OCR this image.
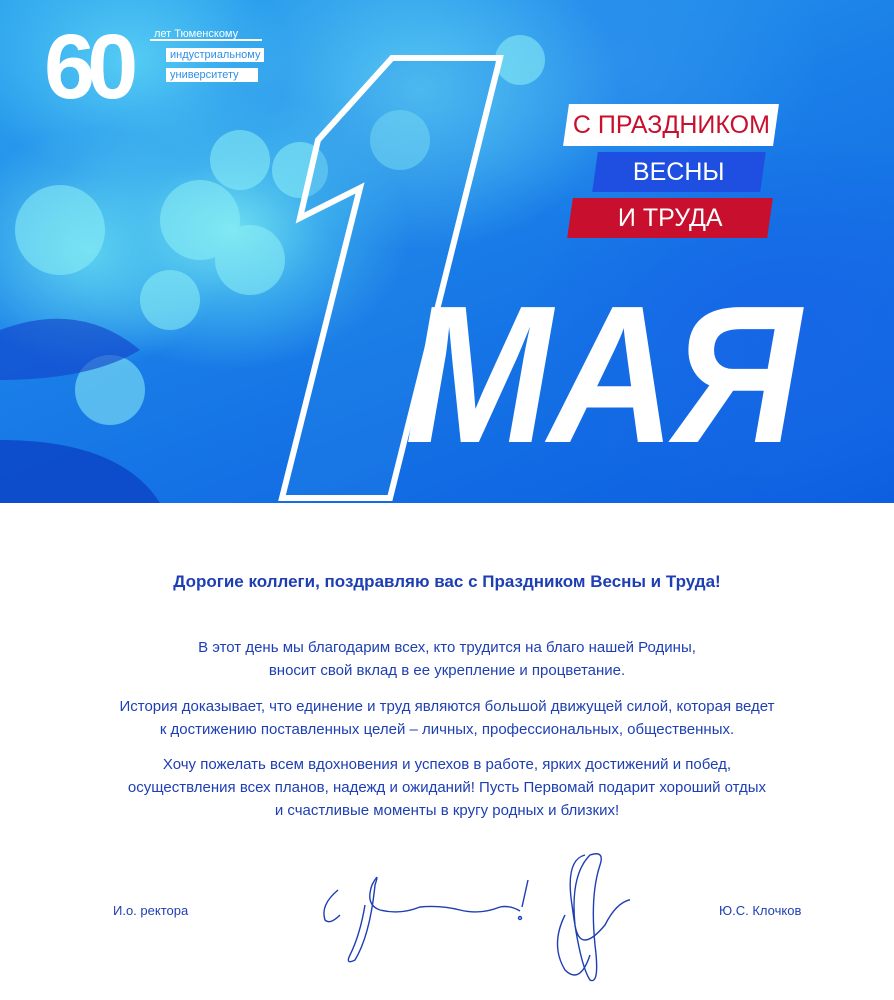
60	лет Тюменскому
индустриальному
университету
С ПРАЗДНИКОМ
ВЕСНЫ
И ТРУДА
МАЯ
Дорогие коллеги, поздравляю вас с Праздником Весны и Труда!
В этот день мы благодарим всех, кто трудится на благо нашей Родины,
вносит свой вклад в ее укрепление и процветание.
История доказывает, что единение и труд являются большой движущей силой, которая ведет
к достижению поставленных целей – личных, профессиональных, общественных.
Хочу пожелать всем вдохновения и успехов в работе, ярких достижений и побед,
осуществления всех планов, надежд и ожиданий! Пусть Первомай подарит хороший отдых
и счастливые моменты в кругу родных и близких!
И.о. ректора	Ю.С. Клочков
